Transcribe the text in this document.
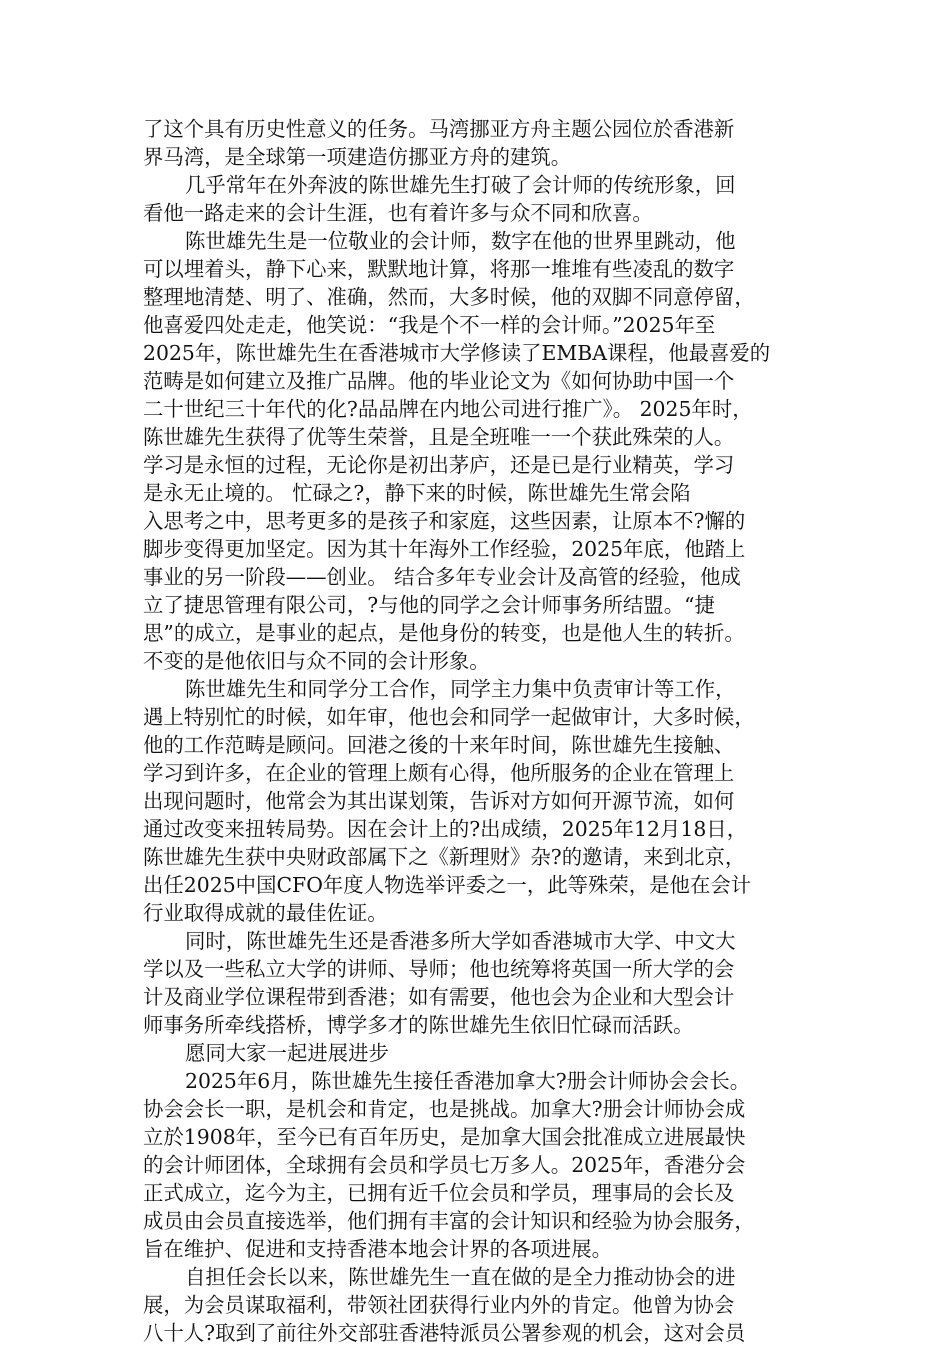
了这个具有历史性意义的任务。马湾挪亚方舟主题公园位於香港新
界马湾，是全球第一项建造仿挪亚方舟的建筑。
几乎常年在外奔波的陈世雄先生打破了会计师的传统形象，回
看他一路走来的会计生涯，也有着许多与众不同和欣喜。
陈世雄先生是一位敬业的会计师，数字在他的世界里跳动，他
可以埋着头，静下心来，默默地计算，将那一堆堆有些凌乱的数字
整理地清楚、明了、准确，然而，大多时候，他的双脚不同意停留，
他喜爱四处走走，他笑说：“我是个不一样的会计师。”2025年至
2025年，陈世雄先生在香港城市大学修读了EMBA课程，他最喜爱的
范畴是如何建立及推广品牌。他的毕业论文为《如何协助中国一个
二十世纪三十年代的化?品品牌在内地公司进行推广》。 2025年时，
陈世雄先生获得了优等生荣誉，且是全班唯一一个获此殊荣的人。
学习是永恒的过程，无论你是初出茅庐，还是已是行业精英，学习
是永无止境的。 忙碌之?，静下来的时候，陈世雄先生常会陷
入思考之中，思考更多的是孩子和家庭，这些因素，让原本不?懈的
脚步变得更加坚定。因为其十年海外工作经验，2025年底，他踏上
事业的另一阶段——创业。 结合多年专业会计及高管的经验，他成
立了捷思管理有限公司，?与他的同学之会计师事务所结盟。“捷
思”的成立，是事业的起点，是他身份的转变，也是他人生的转折。
不变的是他依旧与众不同的会计形象。
陈世雄先生和同学分工合作，同学主力集中负责审计等工作，
遇上特别忙的时候，如年审，他也会和同学一起做审计，大多时候，
他的工作范畴是顾问。回港之後的十来年时间，陈世雄先生接触、
学习到许多，在企业的管理上颇有心得，他所服务的企业在管理上
出现问题时，他常会为其出谋划策，告诉对方如何开源节流，如何
通过改变来扭转局势。因在会计上的?出成绩，2025年12月18日，
陈世雄先生获中央财政部属下之《新理财》杂?的邀请，来到北京，
出任2025中国CFO年度人物选举评委之一，此等殊荣，是他在会计
行业取得成就的最佳佐证。
同时，陈世雄先生还是香港多所大学如香港城市大学、中文大
学以及一些私立大学的讲师、导师；他也统筹将英国一所大学的会
计及商业学位课程带到香港；如有需要，他也会为企业和大型会计
师事务所牵线搭桥，博学多才的陈世雄先生依旧忙碌而活跃。
愿同大家一起进展进步
2025年6月，陈世雄先生接任香港加拿大?册会计师协会会长。
协会会长一职，是机会和肯定，也是挑战。加拿大?册会计师协会成
立於1908年，至今已有百年历史，是加拿大国会批准成立进展最快
的会计师团体，全球拥有会员和学员七万多人。2025年，香港分会
正式成立，迄今为主，已拥有近千位会员和学员，理事局的会长及
成员由会员直接选举，他们拥有丰富的会计知识和经验为协会服务，
旨在维护、促进和支持香港本地会计界的各项进展。
自担任会长以来，陈世雄先生一直在做的是全力推动协会的进
展，为会员谋取福利，带领社团获得行业内外的肯定。他曾为协会
八十人?取到了前往外交部驻香港特派员公署参观的机会，这对会员
